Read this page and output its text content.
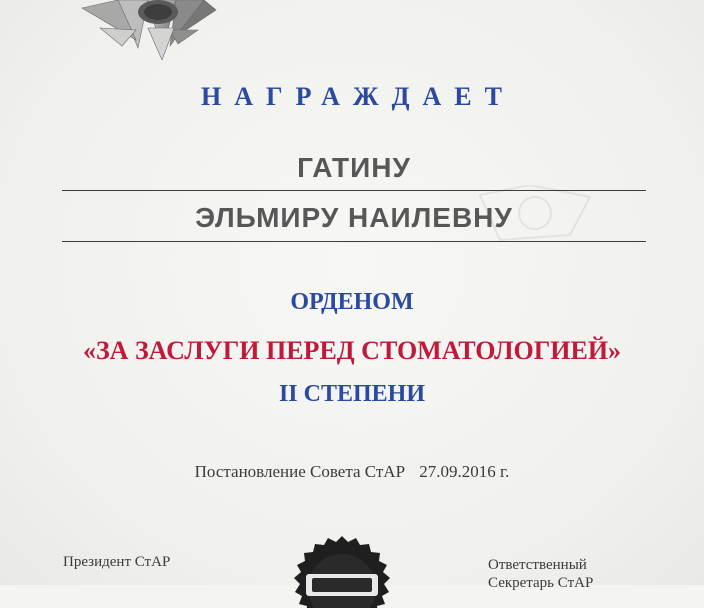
НАГРАЖДАЕТ
ГАТИНУ
ЭЛЬМИРУ НАИЛЕВНУ
ОРДЕНОМ
«ЗА ЗАСЛУГИ ПЕРЕД СТОМАТОЛОГИЕЙ»
II СТЕПЕНИ
Постановление Совета СтАР 27.09.2016 г.
Президент СтАР	Ответственный
Секретарь СтАР
